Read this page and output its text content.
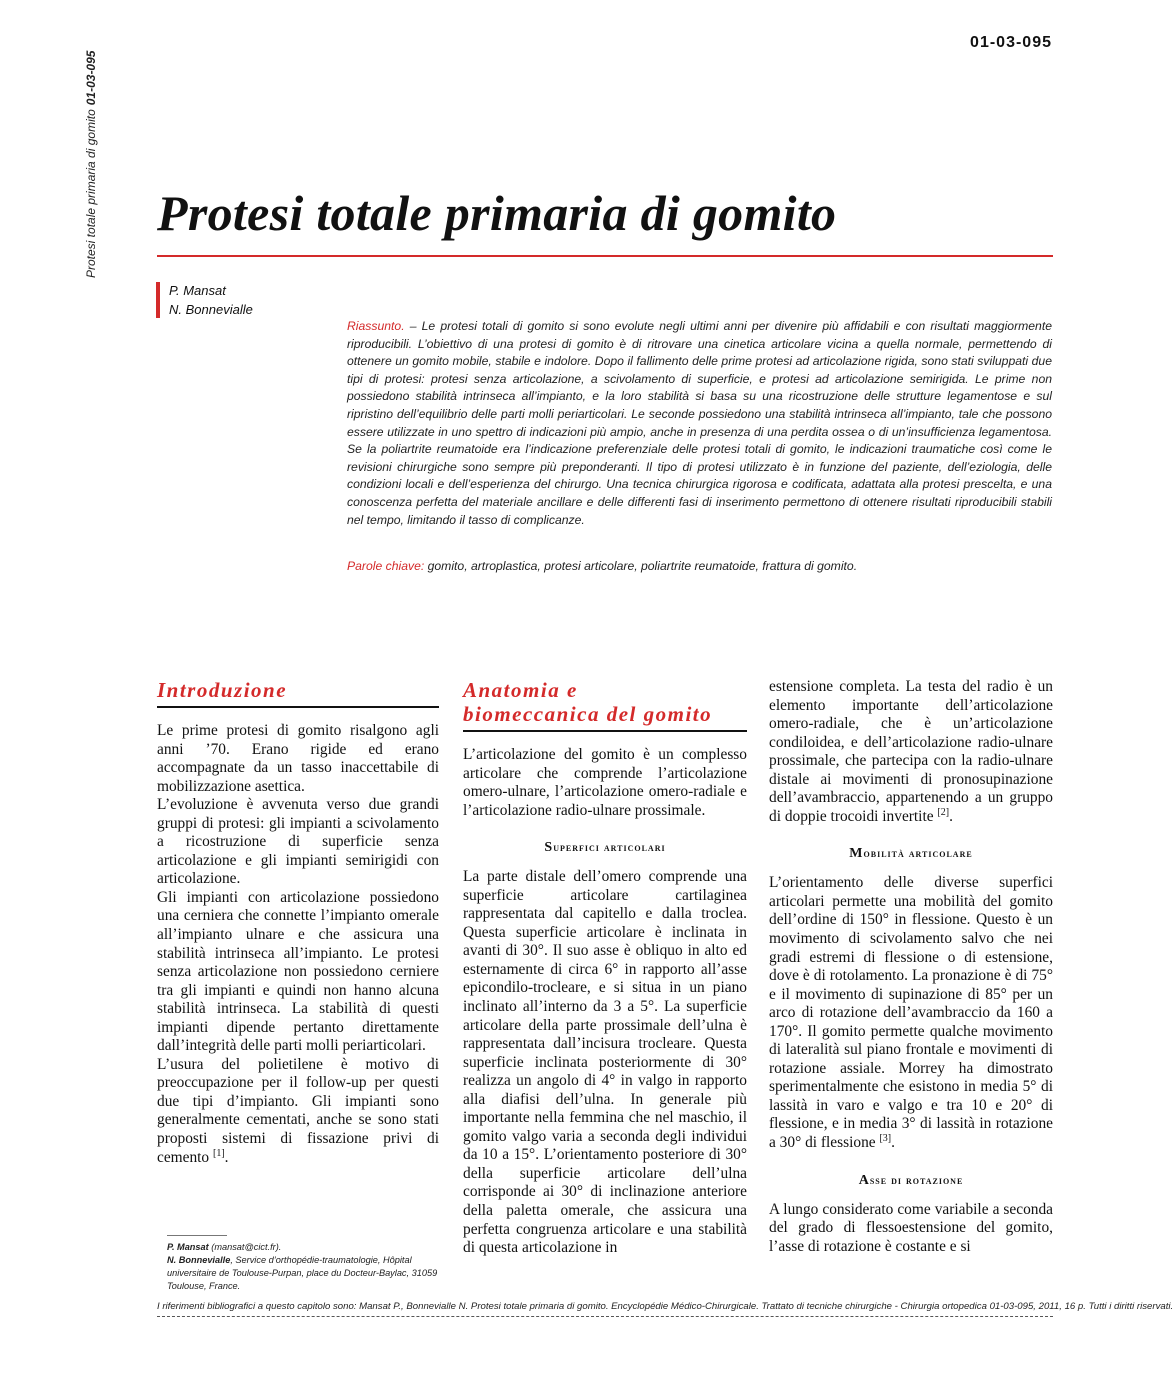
Protesi totale primaria di gomito01-03-095
01-03-095
Protesi totale primaria di gomito
P. Mansat
N. Bonnevialle
Riassunto. – Le protesi totali di gomito si sono evolute negli ultimi anni per divenire più affidabili e con risultati maggiormente riproducibili. L’obiettivo di una protesi di gomito è di ritrovare una cinetica articolare vicina a quella normale, permettendo di ottenere un gomito mobile, stabile e indolore. Dopo il fallimento delle prime protesi ad articolazione rigida, sono stati sviluppati due tipi di protesi: protesi senza articolazione, a scivolamento di superficie, e protesi ad articolazione semirigida. Le prime non possiedono stabilità intrinseca all’impianto, e la loro stabilità si basa su una ricostruzione delle strutture legamentose e sul ripristino dell’equilibrio delle parti molli periarticolari. Le seconde possiedono una stabilità intrinseca all’impianto, tale che possono essere utilizzate in uno spettro di indicazioni più ampio, anche in presenza di una perdita ossea o di un’insufficienza legamentosa. Se la poliartrite reumatoide era l’indicazione preferenziale delle protesi totali di gomito, le indicazioni traumatiche così come le revisioni chirurgiche sono sempre più preponderanti. Il tipo di protesi utilizzato è in funzione del paziente, dell’eziologia, delle condizioni locali e dell’esperienza del chirurgo. Una tecnica chirurgica rigorosa e codificata, adattata alla protesi prescelta, e una conoscenza perfetta del materiale ancillare e delle differenti fasi di inserimento permettono di ottenere risultati riproducibili stabili nel tempo, limitando il tasso di complicanze.
Parole chiave: gomito, artroplastica, protesi articolare, poliartrite reumatoide, frattura di gomito.
Introduzione

Le prime protesi di gomito risalgono agli anni ’70. Erano rigide ed erano accompagnate da un tasso inaccettabile di mobilizzazione asettica.

L’evoluzione è avvenuta verso due grandi gruppi di protesi: gli impianti a scivolamento a ricostruzione di superficie senza articolazione e gli impianti semirigidi con articolazione.

Gli impianti con articolazione possiedono una cerniera che connette l’impianto omerale all’impianto ulnare e che assicura una stabilità intrinseca all’impianto. Le protesi senza articolazione non possiedono cerniere tra gli impianti e quindi non hanno alcuna stabilità intrinseca. La stabilità di questi impianti dipende pertanto direttamente dall’integrità delle parti molli periarticolari.

L’usura del polietilene è motivo di preoccupazione per il follow-up per questi due tipi d’impianto. Gli impianti sono generalmente cementati, anche se sono stati proposti sistemi di fissazione privi di cemento [1].

Anatomia e
biomeccanica del gomito

L’articolazione del gomito è un complesso articolare che comprende l’articolazione omero-ulnare, l’articolazione omero-radiale e l’articolazione radio-ulnare prossimale.

Superfici articolari

La parte distale dell’omero comprende una superficie articolare cartilaginea rappresentata dal capitello e dalla troclea. Questa superficie articolare è inclinata in avanti di 30°. Il suo asse è obliquo in alto ed esternamente di circa 6° in rapporto all’asse epicondilo-trocleare, e si situa in un piano inclinato all’interno da 3 a 5°. La superficie articolare della parte prossimale dell’ulna è rappresentata dall’incisura trocleare. Questa superficie inclinata posteriormente di 30° realizza un angolo di 4° in valgo in rapporto alla diafisi dell’ulna. In generale più importante nella femmina che nel maschio, il gomito valgo varia a seconda degli individui da 10 a 15°. L’orientamento posteriore di 30° della superficie articolare dell’ulna corrisponde ai 30° di inclinazione anteriore della paletta omerale, che assicura una perfetta congruenza articolare e una stabilità di questa articolazione in

estensione completa. La testa del radio è un elemento importante dell’articolazione omero-radiale, che è un’articolazione condiloidea, e dell’articolazione radio-ulnare prossimale, che partecipa con la radio-ulnare distale ai movimenti di pronosupinazione dell’avambraccio, appartenendo a un gruppo di doppie trocoidi invertite [2].

Mobilità articolare

L’orientamento delle diverse superfici articolari permette una mobilità del gomito dell’ordine di 150° in flessione. Questo è un movimento di scivolamento salvo che nei gradi estremi di flessione o di estensione, dove è di rotolamento. La pronazione è di 75° e il movimento di supinazione di 85° per un arco di rotazione dell’avambraccio da 160 a 170°. Il gomito permette qualche movimento di lateralità sul piano frontale e movimenti di rotazione assiale. Morrey ha dimostrato sperimentalmente che esistono in media 5° di lassità in varo e valgo e tra 10 e 20° di flessione, e in media 3° di lassità in rotazione a 30° di flessione [3].

Asse di rotazione

A lungo considerato come variabile a seconda del grado di flessoestensione del gomito, l’asse di rotazione è costante e si

P. Mansat (mansat@cict.fr).
N. Bonnevialle, Service d’orthopédie-traumatologie, Hôpital universitaire de Toulouse-Purpan, place du Docteur-Baylac, 31059 Toulouse, France.
I riferimenti bibliografici a questo capitolo sono: Mansat P., Bonnevialle N. Protesi totale primaria di gomito. Encyclopédie Médico-Chirurgicale. Trattato di tecniche chirurgiche - Chirurgia ortopedica 01-03-095, 2011, 16 p. Tutti i diritti riservati.
